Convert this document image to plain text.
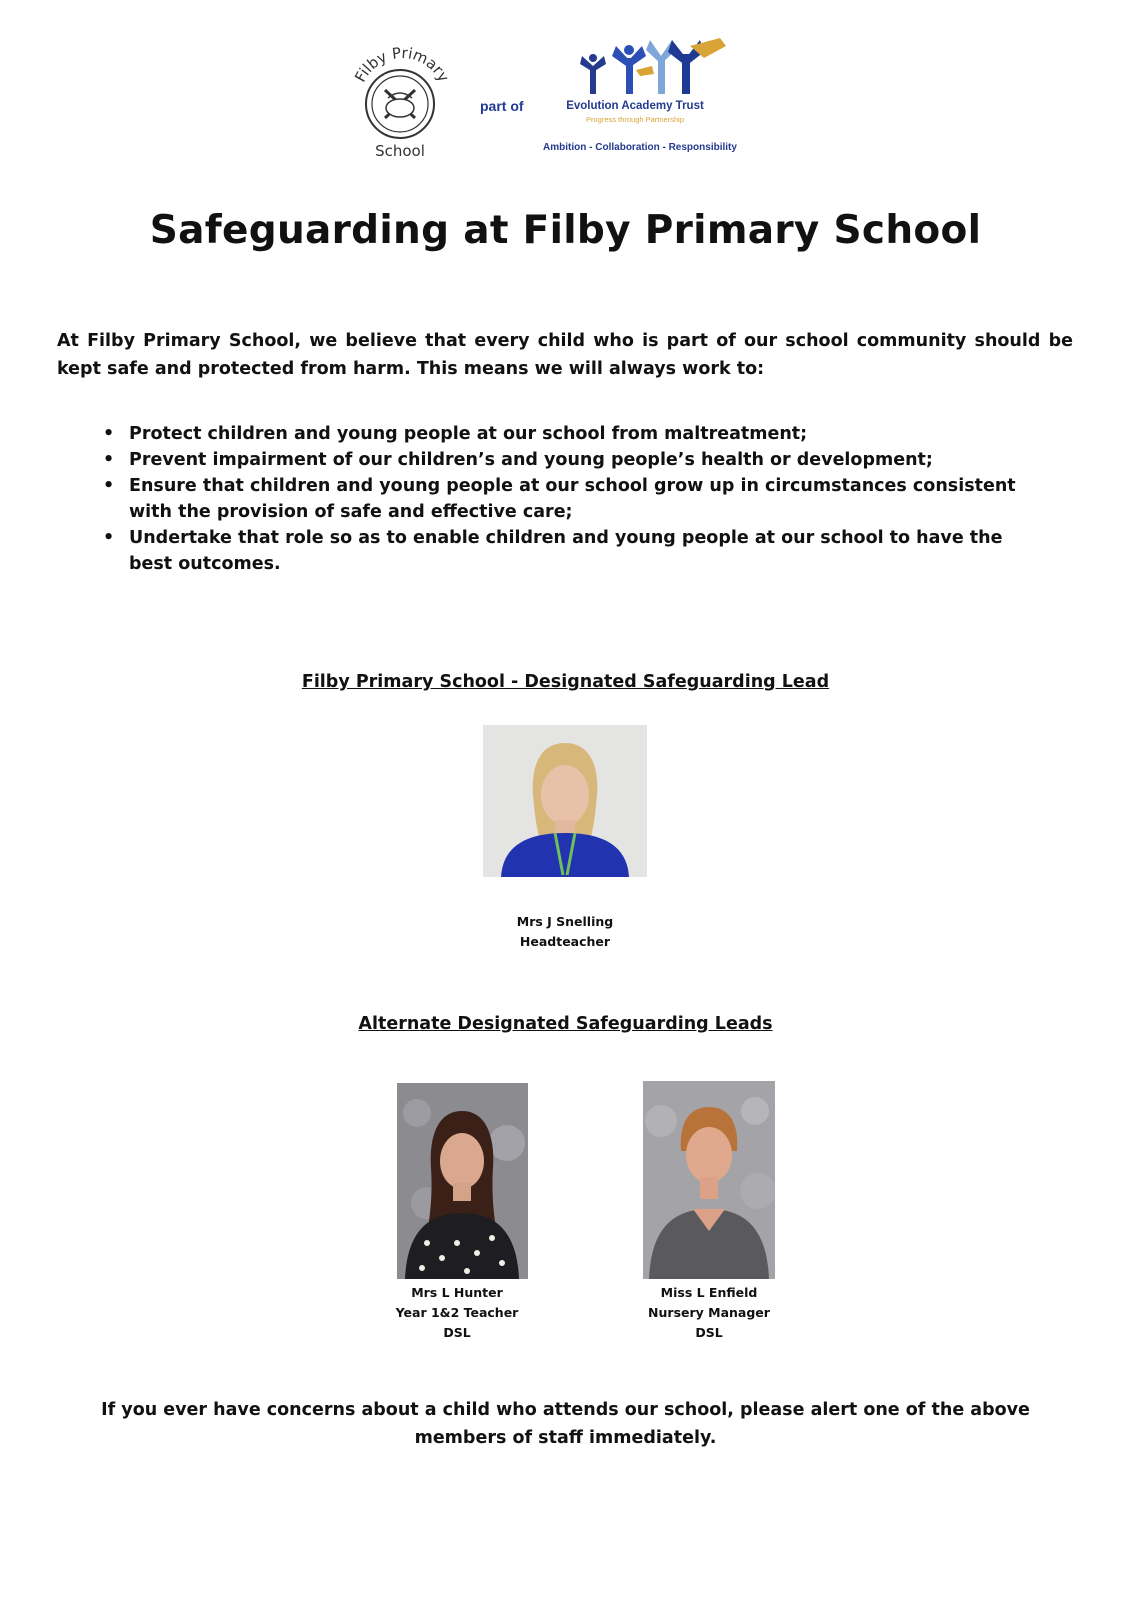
Filby Primary
School
part of	Evolution Academy Trust
Progress through Partnership
Ambition - Collaboration - Responsibility
Safeguarding at Filby Primary School

At Filby Primary School, we believe that every child who is part of our school community should be kept safe and protected from harm. This means we will always work to:

• Protect children and young people at our school from maltreatment;
• Prevent impairment of our children’s and young people’s health or development;
• Ensure that children and young people at our school grow up in circumstances consistent with the provision of safe and effective care;
• Undertake that role so as to enable children and young people at our school to have the best outcomes.
Filby Primary School - Designated Safeguarding Lead
Mrs J Snelling
Headteacher
Alternate Designated Safeguarding Leads
Mrs L Hunter
Year 1&2 Teacher
DSL
Miss L Enfield
Nursery Manager
DSL

If you ever have concerns about a child who attends our school, please alert one of the above members of staff immediately.
